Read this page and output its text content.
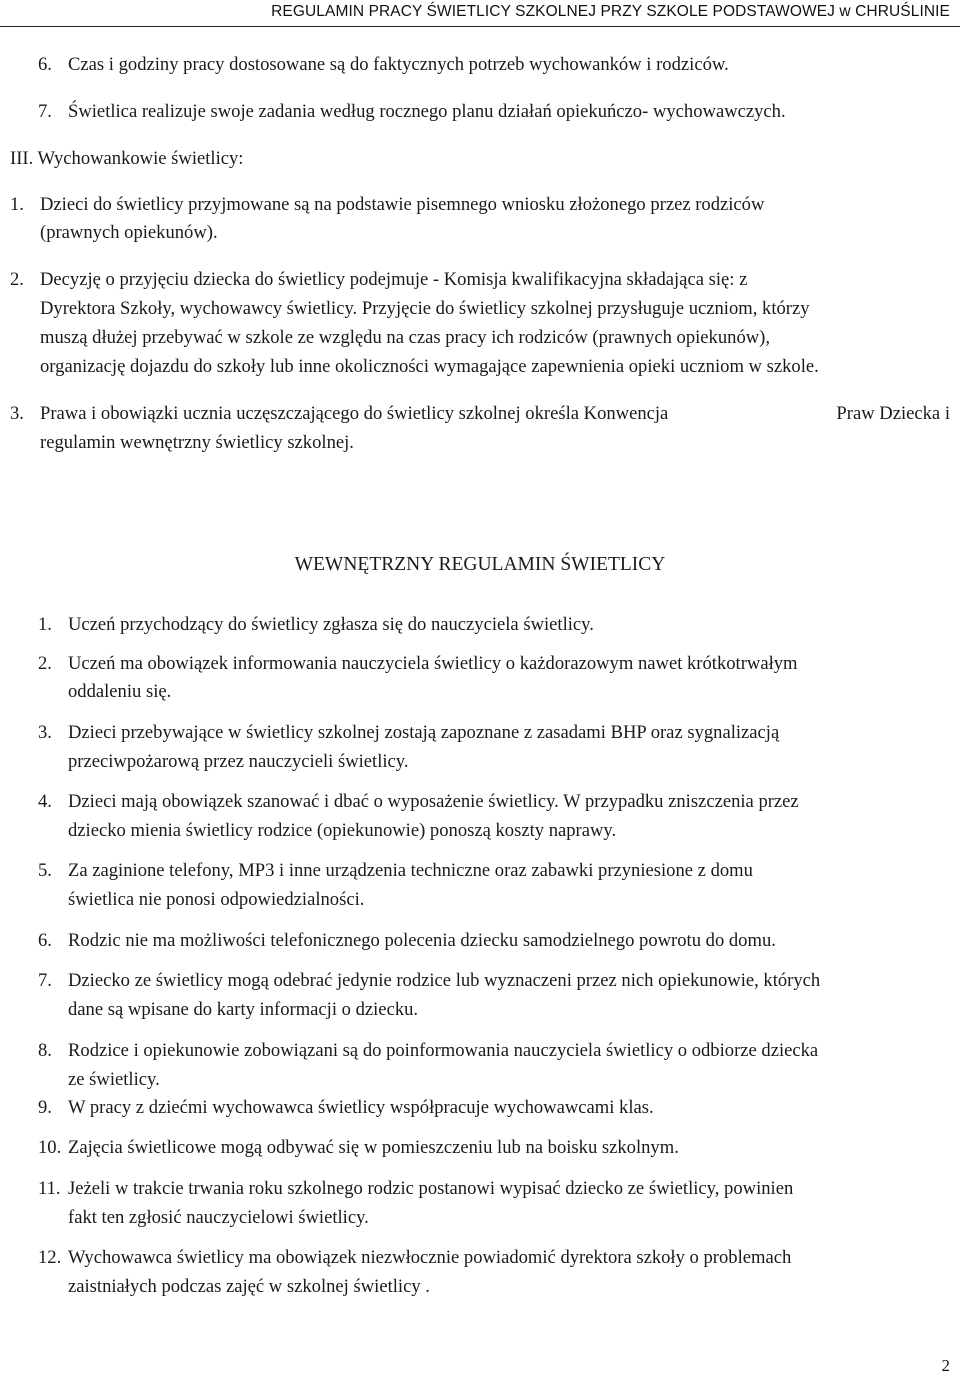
REGULAMIN PRACY ŚWIETLICY SZKOLNEJ PRZY SZKOLE PODSTAWOWEJ w CHRUŚLINIE
6. Czas i godziny pracy dostosowane są do faktycznych potrzeb wychowanków i rodziców.
7. Świetlica realizuje swoje zadania według rocznego planu działań opiekuńczo- wychowawczych.
III. Wychowankowie świetlicy:
1. Dzieci do świetlicy przyjmowane są na podstawie pisemnego wniosku złożonego przez rodziców
(prawnych opiekunów).
2. Decyzję o przyjęciu dziecka do świetlicy podejmuje - Komisja kwalifikacyjna składająca się: z
Dyrektora Szkoły, wychowawcy świetlicy. Przyjęcie do świetlicy szkolnej przysługuje uczniom, którzy
muszą dłużej przebywać w szkole ze względu na czas pracy ich rodziców (prawnych opiekunów),
organizację dojazdu do szkoły lub inne okoliczności wymagające zapewnienia opieki uczniom w szkole.
3. Prawa i obowiązki ucznia uczęszczającego do świetlicy szkolnej określa Konwencja	Praw Dziecka i
regulamin wewnętrzny świetlicy szkolnej.
WEWNĘTRZNY REGULAMIN ŚWIETLICY
1. Uczeń przychodzący do świetlicy zgłasza się do nauczyciela świetlicy.
2. Uczeń ma obowiązek informowania nauczyciela świetlicy o każdorazowym nawet krótkotrwałym
oddaleniu się.
3. Dzieci przebywające w świetlicy szkolnej zostają zapoznane z zasadami BHP oraz sygnalizacją
przeciwpożarową przez nauczycieli świetlicy.
4. Dzieci mają obowiązek szanować i dbać o wyposażenie świetlicy. W przypadku zniszczenia przez
dziecko mienia świetlicy rodzice (opiekunowie) ponoszą koszty naprawy.
5. Za zaginione telefony, MP3 i inne urządzenia techniczne oraz zabawki przyniesione z domu
świetlica nie ponosi odpowiedzialności.
6. Rodzic nie ma możliwości telefonicznego polecenia dziecku samodzielnego powrotu do domu.
7. Dziecko ze świetlicy mogą odebrać jedynie rodzice lub wyznaczeni przez nich opiekunowie, których
dane są wpisane do karty informacji o dziecku.
8. Rodzice i opiekunowie zobowiązani są do poinformowania nauczyciela świetlicy o odbiorze dziecka
ze świetlicy.
9. W pracy z dziećmi wychowawca świetlicy współpracuje wychowawcami klas.
10. Zajęcia świetlicowe mogą odbywać się w pomieszczeniu lub na boisku szkolnym.
11. Jeżeli w trakcie trwania roku szkolnego rodzic postanowi wypisać dziecko ze świetlicy, powinien
fakt ten zgłosić nauczycielowi świetlicy.
12. Wychowawca świetlicy ma obowiązek niezwłocznie powiadomić dyrektora szkoły o problemach
zaistniałych podczas zajęć w szkolnej świetlicy .
2
